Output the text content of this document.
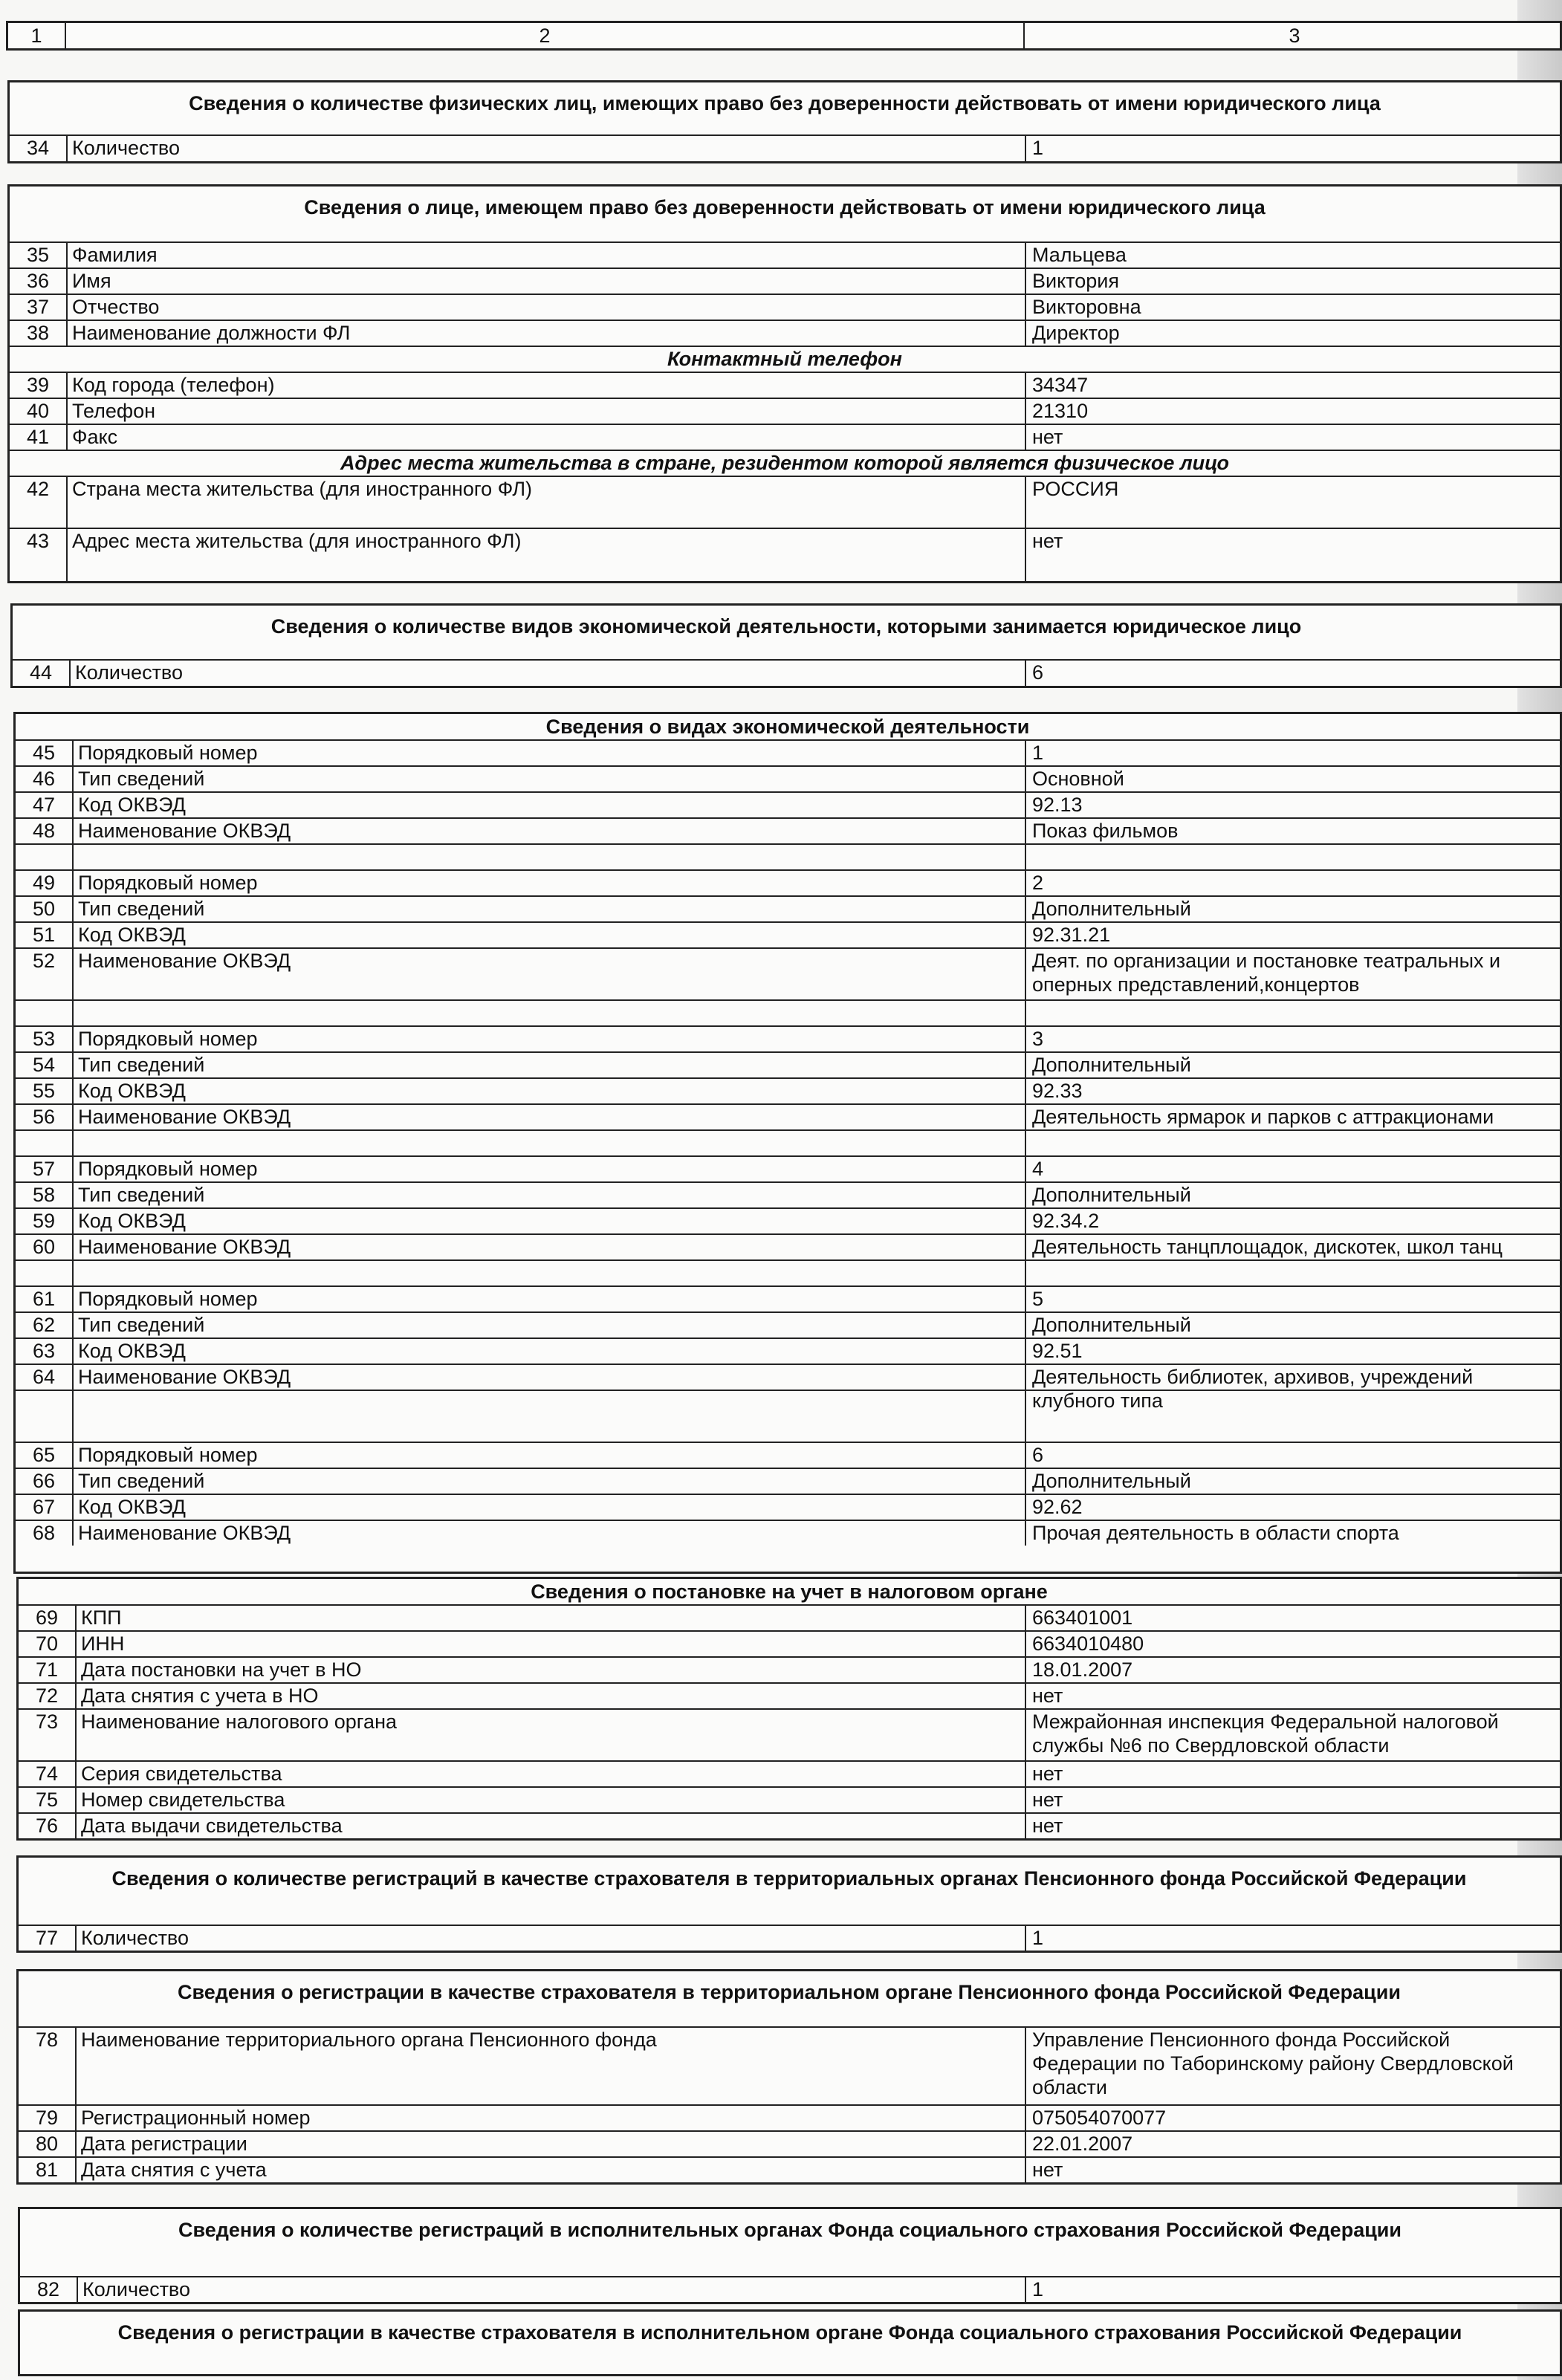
1	2	3
Сведения о количестве физических лиц, имеющих право без доверенности действовать от имени юридического лица
34	Количество	1
Сведения о лице, имеющем право без доверенности действовать от имени юридического лица
35	Фамилия	Мальцева
36	Имя	Виктория
37	Отчество	Викторовна
38	Наименование должности ФЛ	Директор
Контактный телефон
39	Код города (телефон)	34347
40	Телефон	21310
41	Факс	нет
Адрес места жительства в стране, резидентом которой является физическое лицо
42	Страна места жительства (для иностранного ФЛ)	РОССИЯ
43	Адрес места жительства (для иностранного ФЛ)	нет
Сведения о количестве видов экономической деятельности, которыми занимается юридическое лицо
44	Количество	6
Сведения о видах экономической деятельности
45	Порядковый номер	1
46	Тип сведений	Основной
47	Код ОКВЭД	92.13
48	Наименование ОКВЭД	Показ фильмов
49	Порядковый номер	2
50	Тип сведений	Дополнительный
51	Код ОКВЭД	92.31.21
52	Наименование ОКВЭД	Деят. по организации и постановке театральных и
оперных представлений,концертов
53	Порядковый номер	3
54	Тип сведений	Дополнительный
55	Код ОКВЭД	92.33
56	Наименование ОКВЭД	Деятельность ярмарок и парков с аттракционами
57	Порядковый номер	4
58	Тип сведений	Дополнительный
59	Код ОКВЭД	92.34.2
60	Наименование ОКВЭД	Деятельность танцплощадок, дискотек, школ танц
61	Порядковый номер	5
62	Тип сведений	Дополнительный
63	Код ОКВЭД	92.51
64	Наименование ОКВЭД	Деятельность библиотек, архивов, учреждений
клубного типа
65	Порядковый номер	6
66	Тип сведений	Дополнительный
67	Код ОКВЭД	92.62
68	Наименование ОКВЭД	Прочая деятельность в области спорта
Сведения о постановке на учет в налоговом органе
69	КПП	663401001
70	ИНН	6634010480
71	Дата постановки на учет в НО	18.01.2007
72	Дата снятия с учета в НО	нет
73	Наименование налогового органа	Межрайонная инспекция Федеральной налоговой
службы №6 по Свердловской области
74	Серия свидетельства	нет
75	Номер свидетельства	нет
76	Дата выдачи свидетельства	нет
Сведения о количестве регистраций в качестве страхователя в территориальных органах Пенсионного фонда Российской Федерации
77	Количество	1
Сведения о регистрации в качестве страхователя в территориальном органе Пенсионного фонда Российской Федерации
78	Наименование территориального органа Пенсионного фонда	Управление Пенсионного фонда Российской
Федерации по Таборинскому району Свердловской
области
79	Регистрационный номер	075054070077
80	Дата регистрации	22.01.2007
81	Дата снятия с учета	нет
Сведения о количестве регистраций в исполнительных органах Фонда социального страхования Российской Федерации
82	Количество	1
Сведения о регистрации в качестве страхователя в исполнительном органе Фонда социального страхования Российской Федерации
